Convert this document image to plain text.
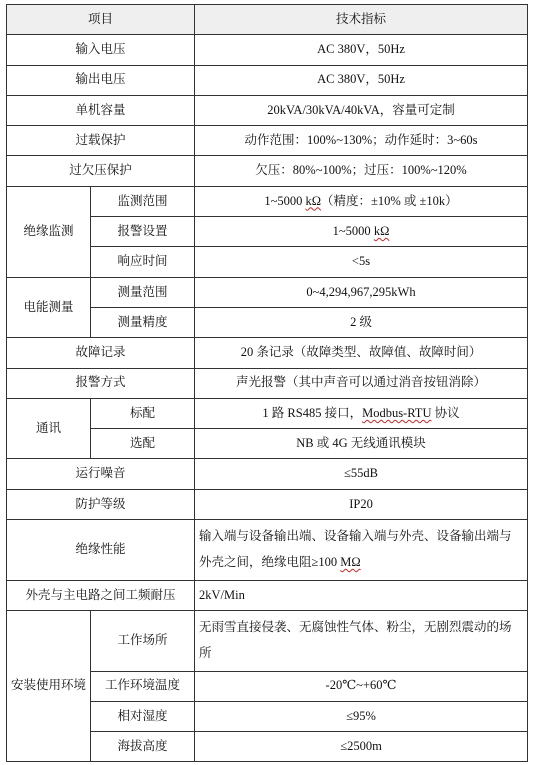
项目		技术指标
输入电压		AC 380V，50Hz
输出电压		AC 380V，50Hz
单机容量		20kVA/30kVA/40kVA，容量可定制
过载保护		动作范围：100%~130%；动作延时：3~60s
过欠压保护		欠压：80%~100%；过压：100%~120%
绝缘监测	监测范围	1~5000 kΩ（精度：±10% 或 ±10k）
	报警设置	1~5000 kΩ
	响应时间	<5s
电能测量	测量范围	0~4,294,967,295kWh
	测量精度	2 级
故障记录		20 条记录（故障类型、故障值、故障时间）
报警方式		声光报警（其中声音可以通过消音按钮消除）
通讯	标配	1 路 RS485 接口，Modbus-RTU 协议
	选配	NB 或 4G 无线通讯模块
运行噪音		≤55dB
防护等级		IP20
绝缘性能		输入端与设备输出端、设备输入端与外壳、设备输出端与外壳之间，绝缘电阻≥100 MΩ
外壳与主电路之间工频耐压		2kV/Min
安装使用环境	工作场所	无雨雪直接侵袭、无腐蚀性气体、粉尘，无剧烈震动的场所
	工作环境温度	-20℃~+60℃
	相对湿度	≤95%
	海拔高度	≤2500m
